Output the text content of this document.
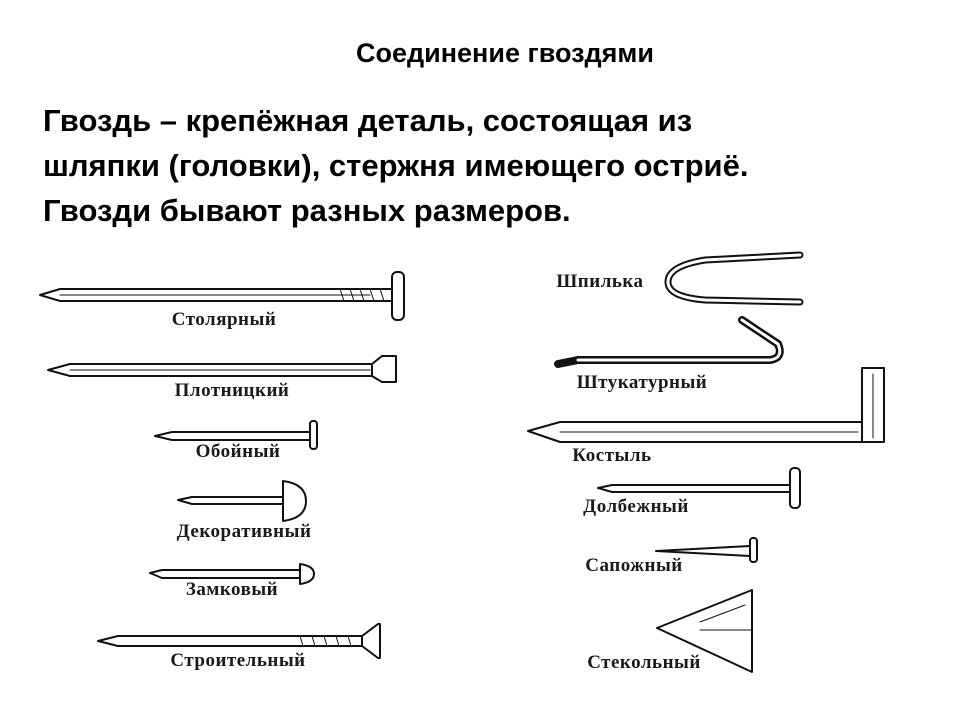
Соединение гвоздями
Гвоздь – крепёжная деталь, состоящая из
шляпки (головки), стержня имеющего остриё.
Гвозди бывают разных размеров.
Столярный
Плотницкий
Обойный
Декоративный
Замковый
Строительный
Шпилька
Штукатурный
Костыль
Долбежный
Сапожный
Стекольный
